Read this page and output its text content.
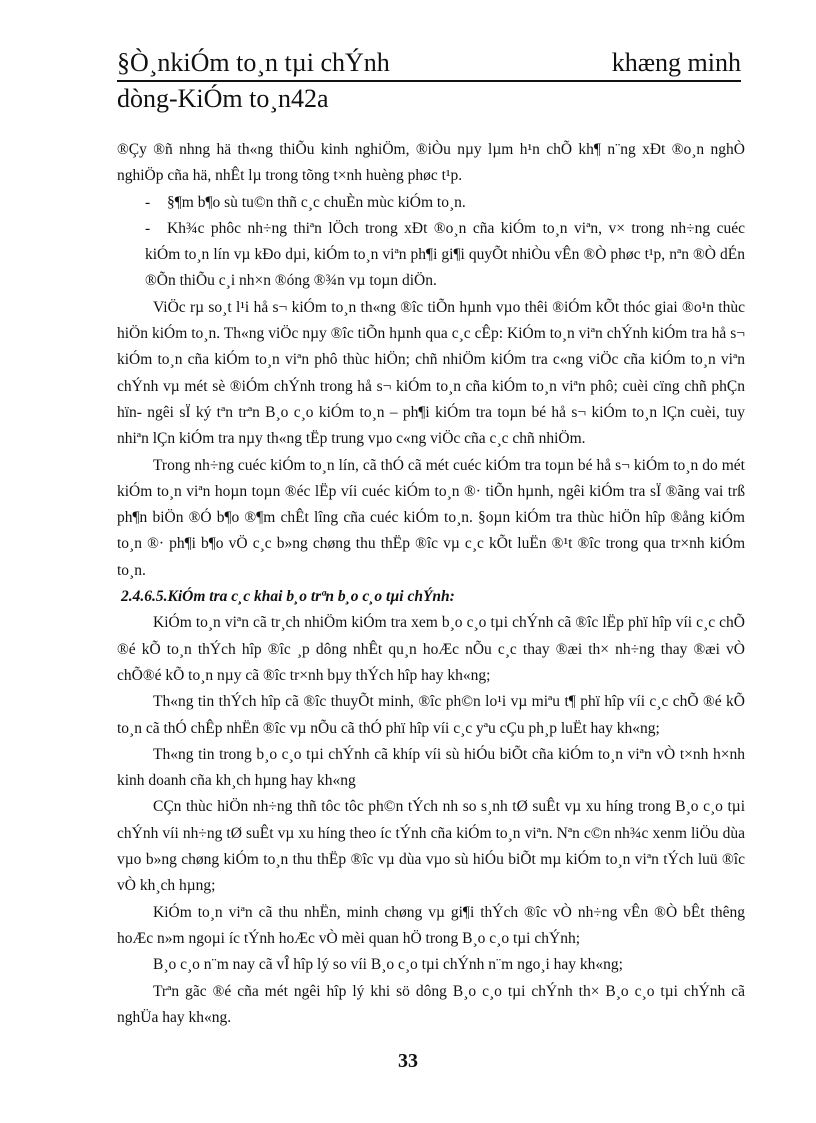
§Ò¸nkiÓm to¸n tµi chÝnh	khæng minh
dòng-KiÓm to¸n42a

®Çy ®ñ nhng hä th«ng thiÕu kinh nghiÖm, ®iÒu nµy lµm h¹n chÕ kh¶ n¨ng xÐt ®o¸n nghÒ nghiÖp cña hä, nhÊt lµ trong tõng t×nh huèng phøc t¹p.

- §¶m b¶o sù tu©n thñ c¸c chuÈn mùc kiÓm to¸n.

- Kh¾c phôc nh÷ng thiªn lÖch trong xÐt ®o¸n cña kiÓm to¸n viªn, v× trong nh÷ng cuéc kiÓm to¸n lín vµ kÐo dµi, kiÓm to¸n viªn ph¶i gi¶i quyÕt nhiÒu vÊn ®Ò phøc t¹p, nªn ®Ò dÉn ®Õn thiÕu c¸i nh×n ®óng ®¾n vµ toµn diÖn.

ViÖc rµ so¸t l¹i hå s¬ kiÓm to¸n th«ng ®îc tiÕn hµnh vµo thêi ®iÓm kÕt thóc giai ®o¹n thùc hiÖn kiÓm to¸n. Th«ng viÖc nµy ®îc tiÕn hµnh qua c¸c cÊp: KiÓm to¸n viªn chÝnh kiÓm tra hå s¬ kiÓm to¸n cña kiÓm to¸n viªn phô thùc hiÖn; chñ nhiÖm kiÓm tra c«ng viÖc cña kiÓm to¸n viªn chÝnh vµ mét sè ®iÓm chÝnh trong hå s¬ kiÓm to¸n cña kiÓm to¸n viªn phô; cuèi cïng chñ phÇn hïn- ngêi sÏ ký tªn trªn B¸o c¸o kiÓm to¸n – ph¶i kiÓm tra toµn bé hå s¬ kiÓm to¸n lÇn cuèi, tuy nhiªn lÇn kiÓm tra nµy th«ng tËp trung vµo c«ng viÖc cña c¸c chñ nhiÖm.

Trong nh÷ng cuéc kiÓm to¸n lín, cã thÓ cã mét cuéc kiÓm tra toµn bé hå s¬ kiÓm to¸n do mét kiÓm to¸n viªn hoµn toµn ®éc lËp víi cuéc kiÓm to¸n ®· tiÕn hµnh, ngêi kiÓm tra sÏ ®ãng vai trß ph¶n biÖn ®Ó b¶o ®¶m chÊt lîng cña cuéc kiÓm to¸n. §oµn kiÓm tra thùc hiÖn hîp ®ång kiÓm to¸n ®· ph¶i b¶o vÖ c¸c b»ng chøng thu thËp ®îc vµ c¸c kÕt luËn ®¹t ®îc trong qua tr×nh kiÓm to¸n.

2.4.6.5.KiÓm tra c¸c khai b¸o trªn b¸o c¸o tµi chÝnh:

KiÓm to¸n viªn cã tr¸ch nhiÖm kiÓm tra xem b¸o c¸o tµi chÝnh cã ®îc lËp phï hîp víi c¸c chÕ ®é kÕ to¸n thÝch hîp ®îc ¸p dông nhÊt qu¸n hoÆc nÕu c¸c thay ®æi th× nh÷ng thay ®æi vÒ chÕ®é kÕ to¸n nµy cã ®îc tr×nh bµy thÝch hîp hay kh«ng;

Th«ng tin thÝch hîp cã ®îc thuyÕt minh, ®îc ph©n lo¹i vµ miªu t¶ phï hîp víi c¸c chÕ ®é kÕ to¸n cã thÓ chÊp nhËn ®îc vµ nÕu cã thÓ phï hîp víi c¸c yªu cÇu ph¸p luËt hay kh«ng;

Th«ng tin trong b¸o c¸o tµi chÝnh cã khíp víi sù hiÓu biÕt cña kiÓm to¸n viªn vÒ t×nh h×nh kinh doanh cña kh¸ch hµng hay kh«ng

CÇn thùc hiÖn nh÷ng thñ tôc tôc ph©n tÝch nh so s¸nh tØ suÊt vµ xu híng trong B¸o c¸o tµi chÝnh víi nh÷ng tØ suÊt vµ xu híng theo íc tÝnh cña kiÓm to¸n viªn. Nªn c©n nh¾c xenm liÖu dùa vµo b»ng chøng kiÓm to¸n thu thËp ®îc vµ dùa vµo sù hiÓu biÕt mµ kiÓm to¸n viªn tÝch luü ®îc vÒ kh¸ch hµng;

KiÓm to¸n viªn cã thu nhËn, minh chøng vµ gi¶i thÝch ®îc vÒ nh÷ng vÊn ®Ò bÊt thêng hoÆc n»m ngoµi íc tÝnh hoÆc vÒ mèi quan hÖ trong B¸o c¸o tµi chÝnh;

B¸o c¸o n¨m nay cã vÎ hîp lý so víi B¸o c¸o tµi chÝnh n¨m ngo¸i hay kh«ng;

Trªn gãc ®é cña mét ngêi hîp lý khi sö dông B¸o c¸o tµi chÝnh th× B¸o c¸o tµi chÝnh cã nghÜa hay kh«ng.

33
